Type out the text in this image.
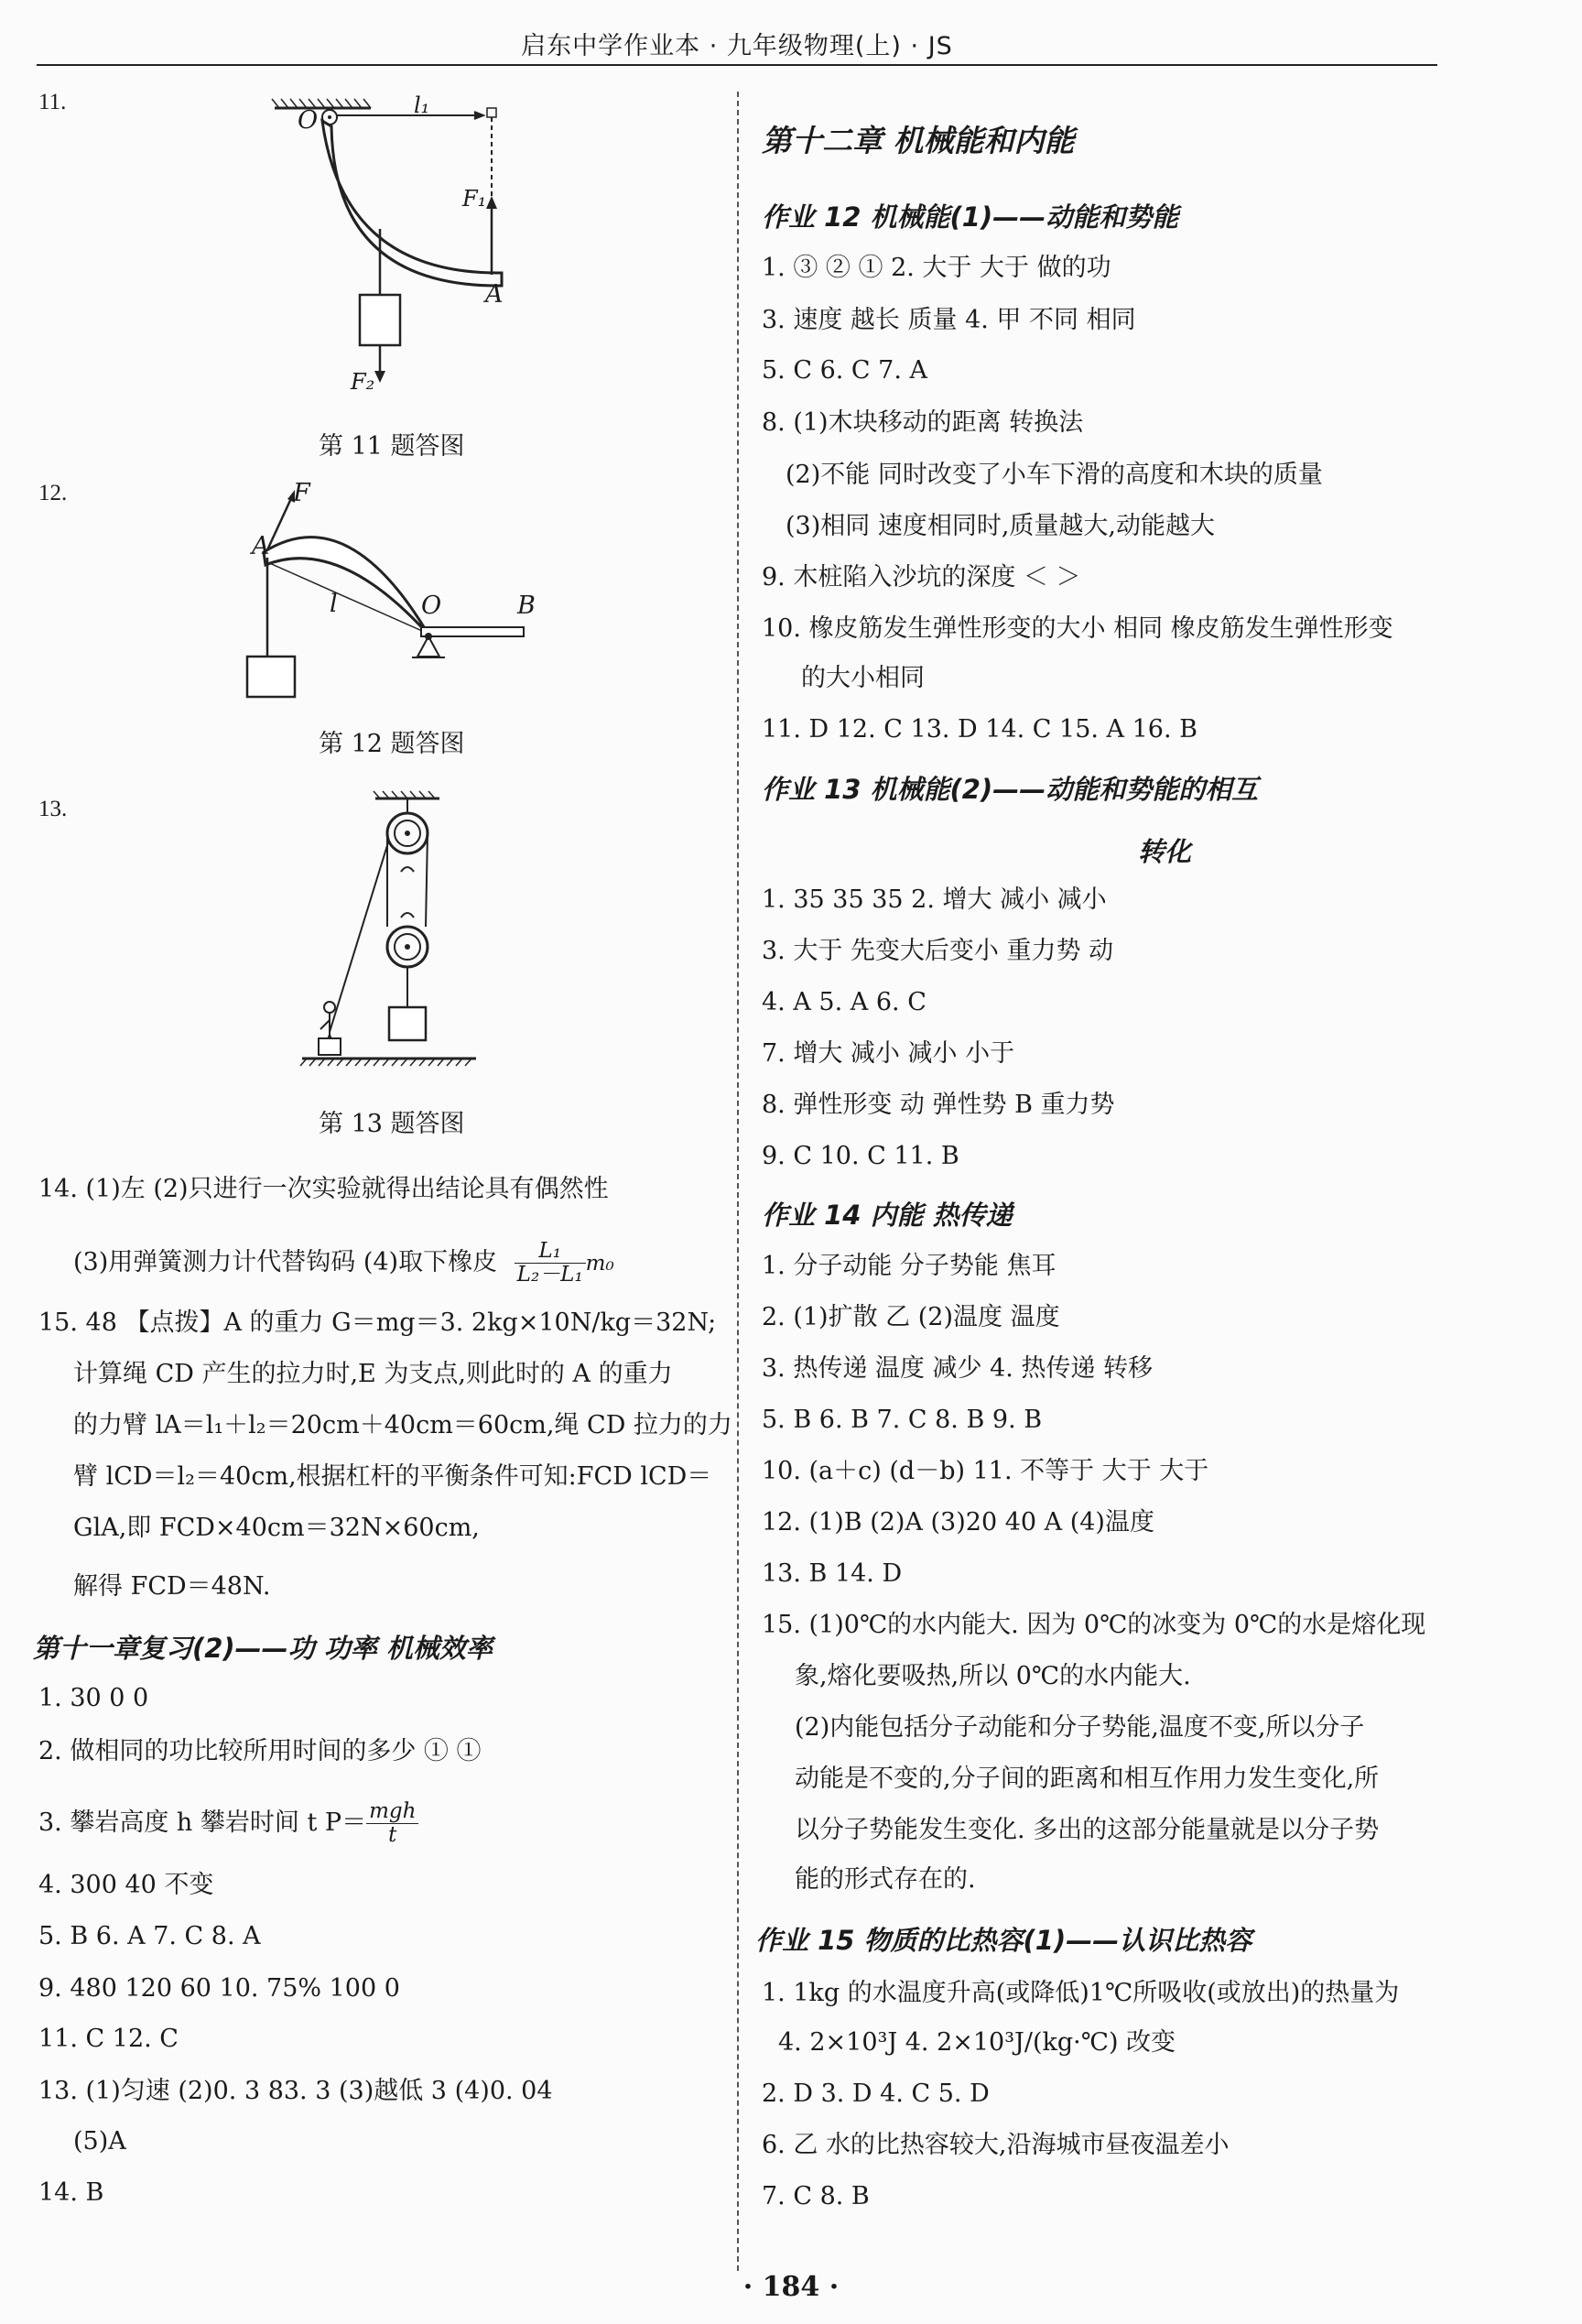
启东中学作业本 · 九年级物理(上) · JS
11.
O
l₁
F₁
A
F₂
第 11 题答图
12.	F
A
l	O	B
第 12 题答图
13.
第 13 题答图
14. (1)左 (2)只进行一次实验就得出结论具有偶然性
(3)用弹簧测力计代替钩码 (4)取下橡皮 $\frac{\text{L₁}}{\text{L₂－L₁}} m_0$
15. 48 【点拨】A 的重力 G＝mg＝3. 2kg×10N/kg＝32N;
计算绳 CD 产生的拉力时,E 为支点,则此时的 A 的重力
的力臂 lA＝l₁＋l₂＝20cm＋40cm＝60cm,绳 CD 拉力的力
臂 lCD＝l₂＝40cm,根据杠杆的平衡条件可知:FCD lCD＝
GlA,即 FCD×40cm＝32N×60cm,
解得 FCD＝48N.
第十一章复习(2)——功 功率 机械效率
1. 30 0 0
2. 做相同的功比较所用时间的多少 ① ①
3. 攀岩高度 h 攀岩时间 t $P= \frac{\text{mgh}}{t}$
4. 300 40 不变
5. B 6. A 7. C 8. A
9. 480 120 60 10. 75% 100 0
11. C 12. C
13. (1)匀速 (2)0. 3 83. 3 (3)越低 3 (4)0. 04
(5)A
14. B
第十二章 机械能和内能
作业 12 机械能(1)——动能和势能
1. ③ ② ① 2. 大于 大于 做的功
3. 速度 越长 质量 4. 甲 不同 相同
5. C 6. C 7. A
8. (1)木块移动的距离 转换法
(2)不能 同时改变了小车下滑的高度和木块的质量
(3)相同 速度相同时,质量越大,动能越大
9. 木桩陷入沙坑的深度 ＜ ＞
10. 橡皮筋发生弹性形变的大小 相同 橡皮筋发生弹性形变
的大小相同
11. D 12. C 13. D 14. C 15. A 16. B
作业 13 机械能(2)——动能和势能的相互
转化
1. 35 35 35 2. 增大 减小 减小
3. 大于 先变大后变小 重力势 动
4. A 5. A 6. C
7. 增大 减小 减小 小于
8. 弹性形变 动 弹性势 B 重力势
9. C 10. C 11. B
作业 14 内能 热传递
1. 分子动能 分子势能 焦耳
2. (1)扩散 乙 (2)温度 温度
3. 热传递 温度 减少 4. 热传递 转移
5. B 6. B 7. C 8. B 9. B
10. (a＋c) (d－b) 11. 不等于 大于 大于
12. (1)B (2)A (3)20 40 A (4)温度
13. B 14. D
15. (1)0℃的水内能大. 因为 0℃的冰变为 0℃的水是熔化现
象,熔化要吸热,所以 0℃的水内能大.
(2)内能包括分子动能和分子势能,温度不变,所以分子
动能是不变的,分子间的距离和相互作用力发生变化,所
以分子势能发生变化. 多出的这部分能量就是以分子势
能的形式存在的.
作业 15 物质的比热容(1)——认识比热容
1. 1kg 的水温度升高(或降低)1℃所吸收(或放出)的热量为
4. 2×10³J 4. 2×10³J/(kg·℃) 改变
2. D 3. D 4. C 5. D
6. 乙 水的比热容较大,沿海城市昼夜温差小
7. C 8. B
· 184 ·
